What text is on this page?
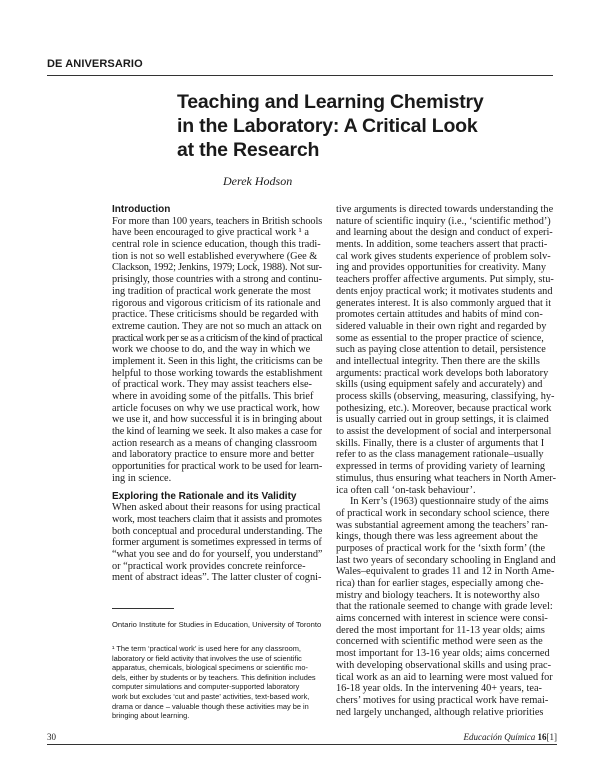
DE ANIVERSARIO
Teaching and Learning Chemistry
in the Laboratory: A Critical Look
at the Research
Derek Hodson
Introduction
For more than 100 years, teachers in British schools
have been encouraged to give practical work ¹ a
central role in science education, though this tradi-
tion is not so well established everywhere (Gee &
Clackson, 1992; Jenkins, 1979; Lock, 1988). Not sur-
prisingly, those countries with a strong and continu-
ing tradition of practical work generate the most
rigorous and vigorous criticism of its rationale and
practice. These criticisms should be regarded with
extreme caution. They are not so much an attack on
practical work per se as a criticism of the kind of practical
work we choose to do, and the way in which we
implement it. Seen in this light, the criticisms can be
helpful to those working towards the establishment
of practical work. They may assist teachers else-
where in avoiding some of the pitfalls. This brief
article focuses on why we use practical work, how
we use it, and how successful it is in bringing about
the kind of learning we seek. It also makes a case for
action research as a means of changing classroom
and laboratory practice to ensure more and better
opportunities for practical work to be used for learn-
ing in science.
Exploring the Rationale and its Validity
When asked about their reasons for using practical
work, most teachers claim that it assists and promotes
both conceptual and procedural understanding. The
former argument is sometimes expressed in terms of
“what you see and do for yourself, you understand”
or “practical work provides concrete reinforce-
ment of abstract ideas”. The latter cluster of cogni-
tive arguments is directed towards understanding the
nature of scientific inquiry (i.e., ‘scientific method’)
and learning about the design and conduct of experi-
ments. In addition, some teachers assert that practi-
cal work gives students experience of problem solv-
ing and provides opportunities for creativity. Many
teachers proffer affective arguments. Put simply, stu-
dents enjoy practical work; it motivates students and
generates interest. It is also commonly argued that it
promotes certain attitudes and habits of mind con-
sidered valuable in their own right and regarded by
some as essential to the proper practice of science,
such as paying close attention to detail, persistence
and intellectual integrity. Then there are the skills
arguments: practical work develops both laboratory
skills (using equipment safely and accurately) and
process skills (observing, measuring, classifying, hy-
pothesizing, etc.). Moreover, because practical work
is usually carried out in group settings, it is claimed
to assist the development of social and interpersonal
skills. Finally, there is a cluster of arguments that I
refer to as the class management rationale–usually
expressed in terms of providing variety of learning
stimulus, thus ensuring what teachers in North Amer-
ica often call ‘on-task behaviour’.
In Kerr’s (1963) questionnaire study of the aims
of practical work in secondary school science, there
was substantial agreement among the teachers’ ran-
kings, though there was less agreement about the
purposes of practical work for the ‘sixth form’ (the
last two years of secondary schooling in England and
Wales–equivalent to grades 11 and 12 in North Ame-
rica) than for earlier stages, especially among che-
mistry and biology teachers. It is noteworthy also
that the rationale seemed to change with grade level:
aims concerned with interest in science were consi-
dered the most important for 11-13 year olds; aims
concerned with scientific method were seen as the
most important for 13-16 year olds; aims concerned
with developing observational skills and using prac-
tical work as an aid to learning were most valued for
16-18 year olds. In the intervening 40+ years, tea-
chers’ motives for using practical work have remai-
ned largely unchanged, although relative priorities
Ontario Institute for Studies in Education, University of Toronto
¹ The term ‘practical work’ is used here for any classroom,
laboratory or field activity that involves the use of scientific
apparatus, chemicals, biological specimens or scientific mo-
dels, either by students or by teachers. This definition includes
computer simulations and computer-supported laboratory
work but excludes ‘cut and paste’ activities, text-based work,
drama or dance – valuable though these activities may be in
bringing about learning.
30	Educación Química 16[1]
